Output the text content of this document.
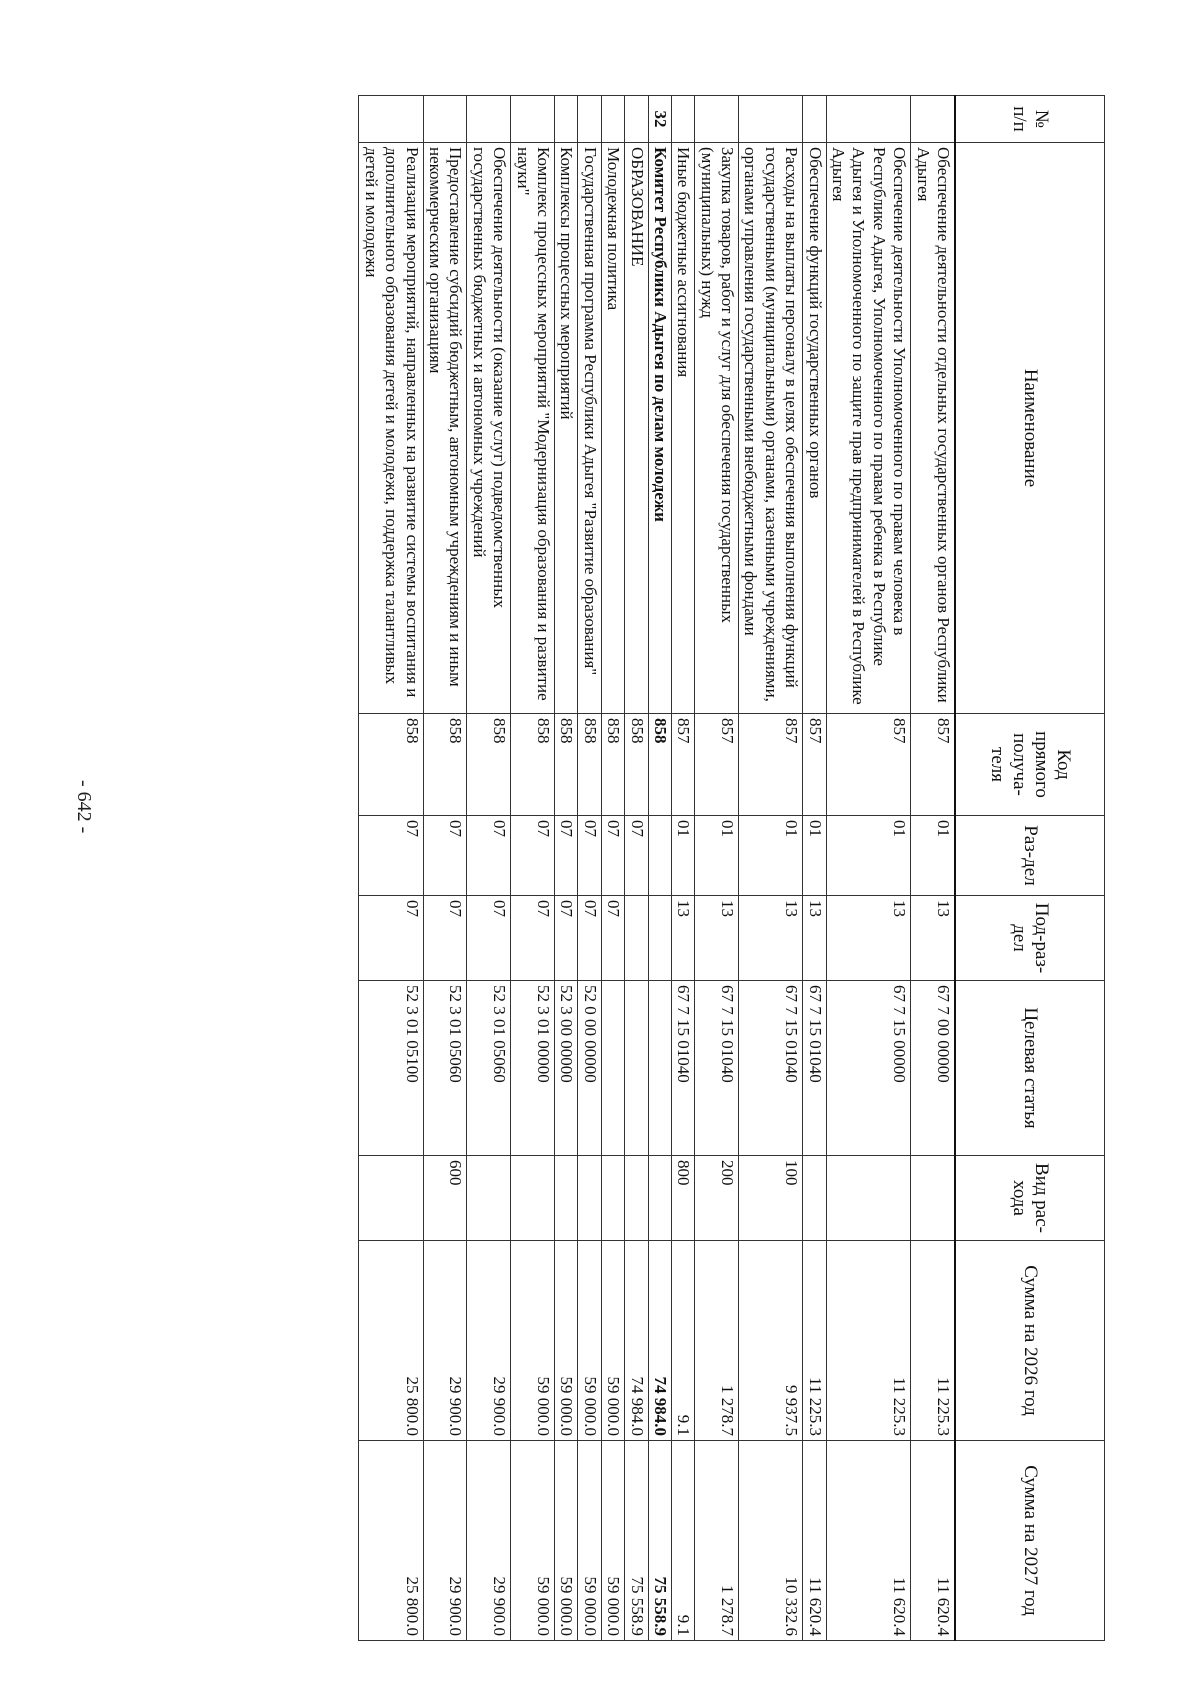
- 642 -
№ п/п	Наименование	Код прямого получа-теля	Раз-дел	Под-раз-дел	Целевая статья	Вид рас-хода	Сумма на 2026 год	Сумма на 2027 год
	Обеспечение деятельности отдельных государственных органов Республики Адыгея	857	01	13	67 7 00 00000		11 225.3	11 620.4
	Обеспечение деятельности Уполномоченного по правам человека в Республике Адыгея, Уполномоченного по правам ребенка в Республике Адыгея и Уполномоченного по защите прав предпринимателей в Республике Адыгея	857	01	13	67 7 15 00000		11 225.3	11 620.4
	Обеспечение функций государственных органов	857	01	13	67 7 15 01040		11 225.3	11 620.4
	Расходы на выплаты персоналу в целях обеспечения выполнения функций государственными (муниципальными) органами, казенными учреждениями, органами управления государственными внебюджетными фондами	857	01	13	67 7 15 01040	100	9 937.5	10 332.6
	Закупка товаров, работ и услуг для обеспечения государственных (муниципальных) нужд	857	01	13	67 7 15 01040	200	1 278.7	1 278.7
	Иные бюджетные ассигнования	857	01	13	67 7 15 01040	800	9.1	9.1
32	Комитет Республики Адыгея по делам молодежи	858					74 984.0	75 558.9
	ОБРАЗОВАНИЕ	858	07				74 984.0	75 558.9
	Молодежная политика	858	07	07			59 000.0	59 000.0
	Государственная программа Республики Адыгея "Развитие образования"	858	07	07	52 0 00 00000		59 000.0	59 000.0
	Комплексы процессных мероприятий	858	07	07	52 3 00 00000		59 000.0	59 000.0
	Комплекс процессных мероприятий "Модернизация образования и развитие науки"	858	07	07	52 3 01 00000		59 000.0	59 000.0
	Обеспечение деятельности (оказание услуг) подведомственных государственных бюджетных и автономных учреждений	858	07	07	52 3 01 05060		29 900.0	29 900.0
	Предоставление субсидий бюджетным, автономным учреждениям и иным некоммерческим организациям	858	07	07	52 3 01 05060	600	29 900.0	29 900.0
	Реализация мероприятий, направленных на развитие системы воспитания и дополнительного образования детей и молодежи, поддержка талантливых детей и молодежи	858	07	07	52 3 01 05100		25 800.0	25 800.0
